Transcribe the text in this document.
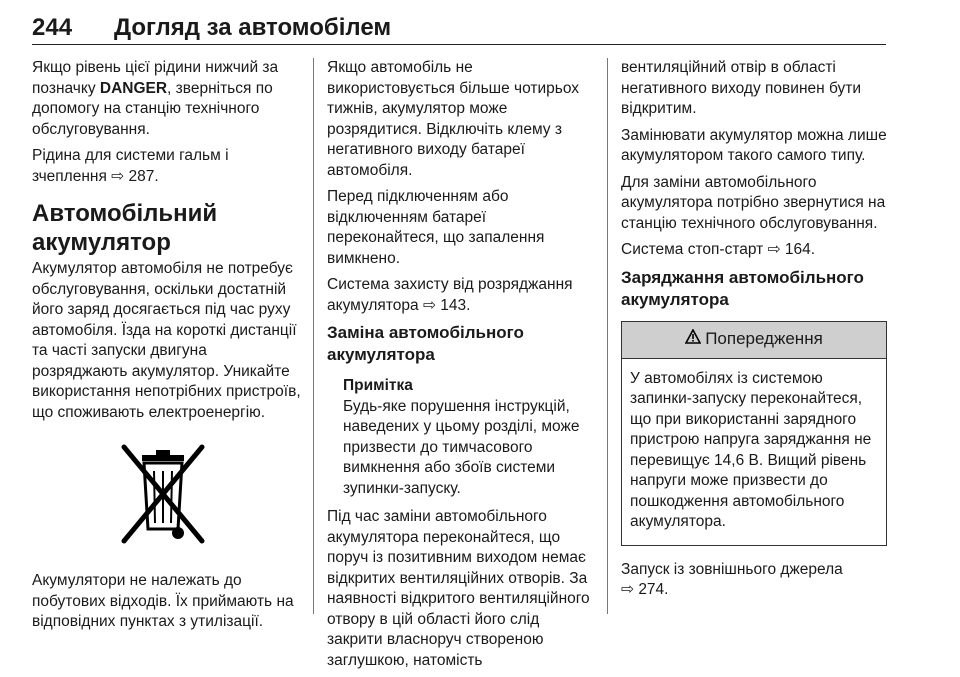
244 Догляд за автомобілем

Якщо рівень цієї рідини нижчий за позначку DANGER, зверніться по допомогу на станцію технічного обслуговування.

Рідина для системи гальм і зчеплення ⇨ 287.

Автомобільний акумулятор

Акумулятор автомобіля не потребує обслуговування, оскільки достатній його заряд досягається під час руху автомобіля. Їзда на короткі дистанції та часті запуски двигуна розряджають акумулятор. Уникайте використання непотрібних пристроїв, що споживають електроенергію.

Акумулятори не належать до побутових відходів. Їх приймають на відповідних пунктах з утилізації.

Якщо автомобіль не використовується більше чотирьох тижнів, акумулятор може розрядитися. Відключіть клему з негативного виходу батареї автомобіля.

Перед підключенням або відключенням батареї переконайтеся, що запалення вимкнено.

Система захисту від розряджання акумулятора ⇨ 143.

Заміна автомобільного акумулятора
Примітка
Будь-яке порушення інструкцій, наведених у цьому розділі, може призвести до тимчасового вимкнення або збоїв системи зупинки-запуску.

Під час заміни автомобільного акумулятора переконайтеся, що поруч із позитивним виходом немає відкритих вентиляційних отворів. За наявності відкритого вентиляційного отвору в цій області його слід закрити власноруч створеною заглушкою, натомість

вентиляційний отвір в області негативного виходу повинен бути відкритим.

Замінювати акумулятор можна лише акумулятором такого самого типу.

Для заміни автомобільного акумулятора потрібно звернутися на станцію технічного обслуговування.

Система стоп-старт ⇨ 164.

Заряджання автомобільного акумулятора
Попередження
У автомобілях із системою запинки-запуску переконайтеся, що при використанні зарядного пристрою напруга заряджання не перевищує 14,6 В. Вищий рівень напруги може призвести до пошкодження автомобільного акумулятора.

Запуск із зовнішнього джерела
⇨ 274.
